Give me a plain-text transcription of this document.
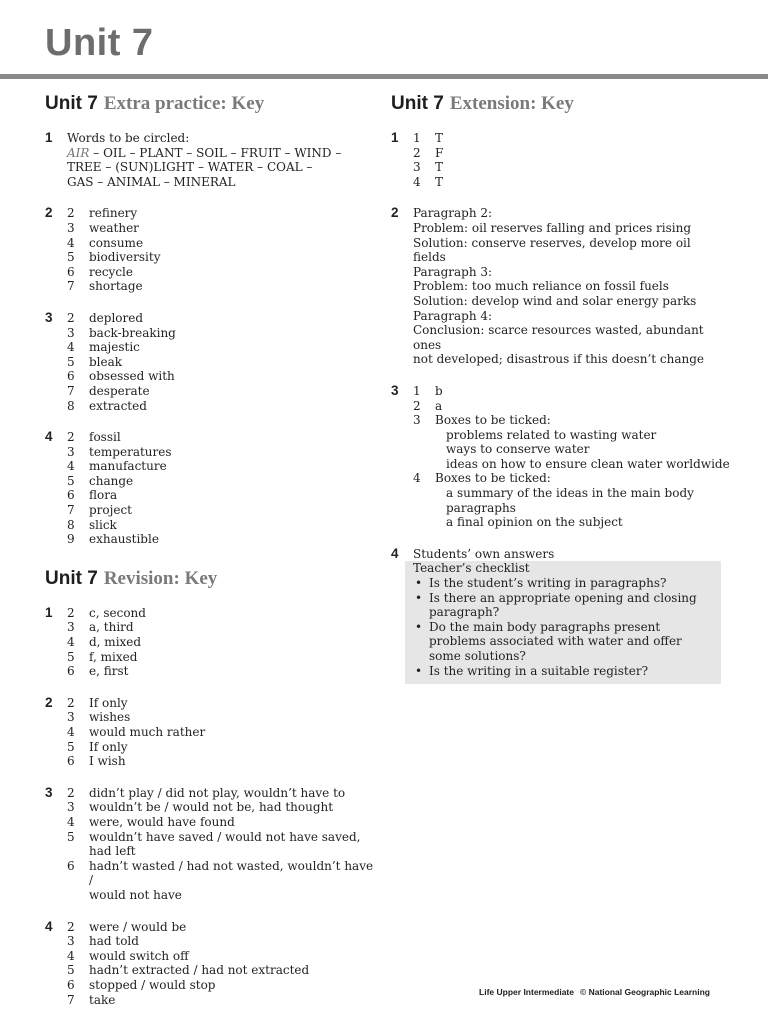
Unit 7
Unit 7 Extra practice: Key
1 Words to be circled:
AIR – OIL – PLANT – SOIL – FRUIT – WIND –
TREE – (SUN)LIGHT – WATER – COAL –
GAS – ANIMAL – MINERAL
2 2	refinery
3	weather
4	consume
5	biodiversity
6	recycle
7	shortage
3 2	deplored
3	back-breaking
4	majestic
5	bleak
6	obsessed with
7	desperate
8	extracted
4 2	fossil
3	temperatures
4	manufacture
5	change
6	flora
7	project
8	slick
9	exhaustible
Unit 7 Revision: Key
1 2	c, second
3	a, third
4	d, mixed
5	f, mixed
6	e, first
2 2	If only
3	wishes
4	would much rather
5	If only
6	I wish
3 2	didn’t play / did not play, wouldn’t have to
3	wouldn’t be / would not be, had thought
4	were, would have found
5	wouldn’t have saved / would not have saved,
had left
6	hadn’t wasted / had not wasted, wouldn’t have /
would not have
4 2	were / would be
3	had told
4	would switch off
5	hadn’t extracted / had not extracted
6	stopped / would stop
7	take
Unit 7 Extension: Key
1 1	T
2	F
3	T
4	T
2 Paragraph 2:
Problem: oil reserves falling and prices rising
Solution: conserve reserves, develop more oil
fields
Paragraph 3:
Problem: too much reliance on fossil fuels
Solution: develop wind and solar energy parks
Paragraph 4:
Conclusion: scarce resources wasted, abundant ones
not developed; disastrous if this doesn’t change
3 1	b
2	a
3	Boxes to be ticked:
problems related to wasting water
ways to conserve water
ideas on how to ensure clean water worldwide
4	Boxes to be ticked:
a summary of the ideas in the main body paragraphs
a final opinion on the subject
4 Students’ own answers
Teacher’s checklist
• Is the student’s writing in paragraphs?
• Is there an appropriate opening and closing paragraph?
• Do the main body paragraphs present problems associated with water and offer some solutions?
• Is the writing in a suitable register?
Life Upper Intermediate © National Geographic Learning
